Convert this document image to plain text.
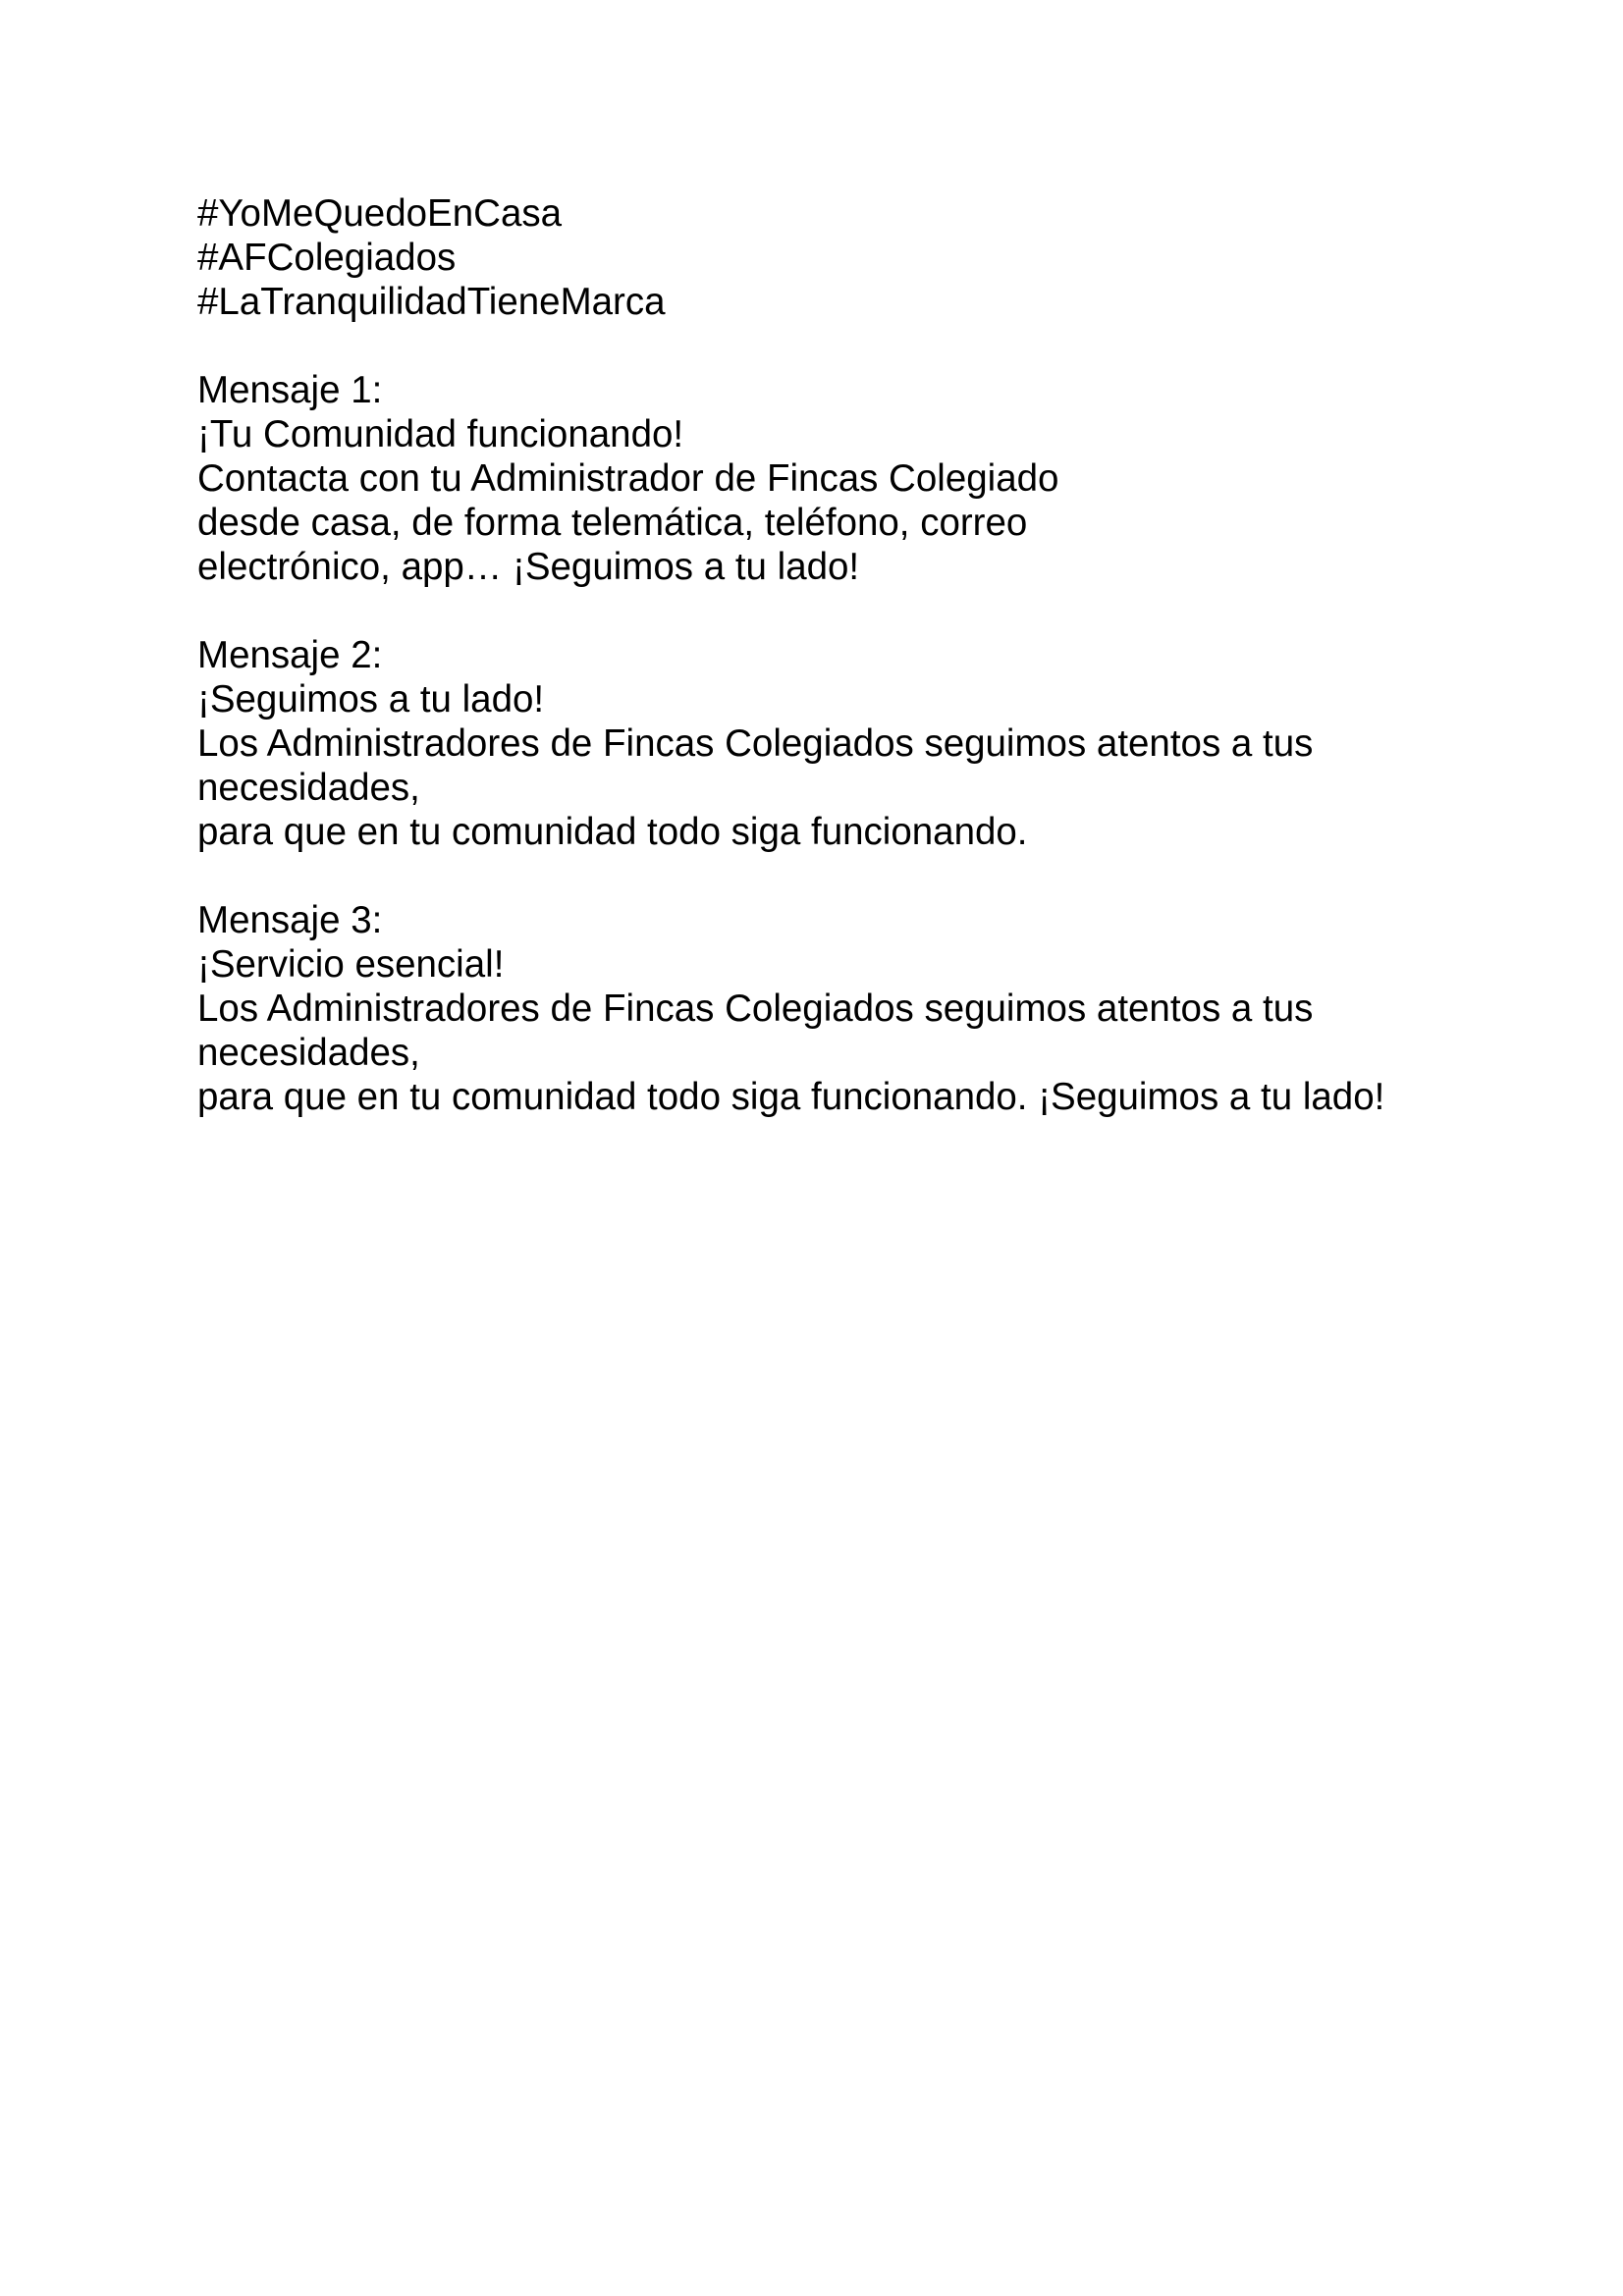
#YoMeQuedoEnCasa
#AFColegiados
#LaTranquilidadTieneMarca
Mensaje 1:
¡Tu Comunidad funcionando!
Contacta con tu Administrador de Fincas Colegiado
desde casa, de forma telemática, teléfono, correo
electrónico, app… ¡Seguimos a tu lado!
Mensaje 2:
¡Seguimos a tu lado!
Los Administradores de Fincas Colegiados seguimos atentos a tus
necesidades,
para que en tu comunidad todo siga funcionando.
Mensaje 3:
¡Servicio esencial!
Los Administradores de Fincas Colegiados seguimos atentos a tus
necesidades,
para que en tu comunidad todo siga funcionando. ¡Seguimos a tu lado!
